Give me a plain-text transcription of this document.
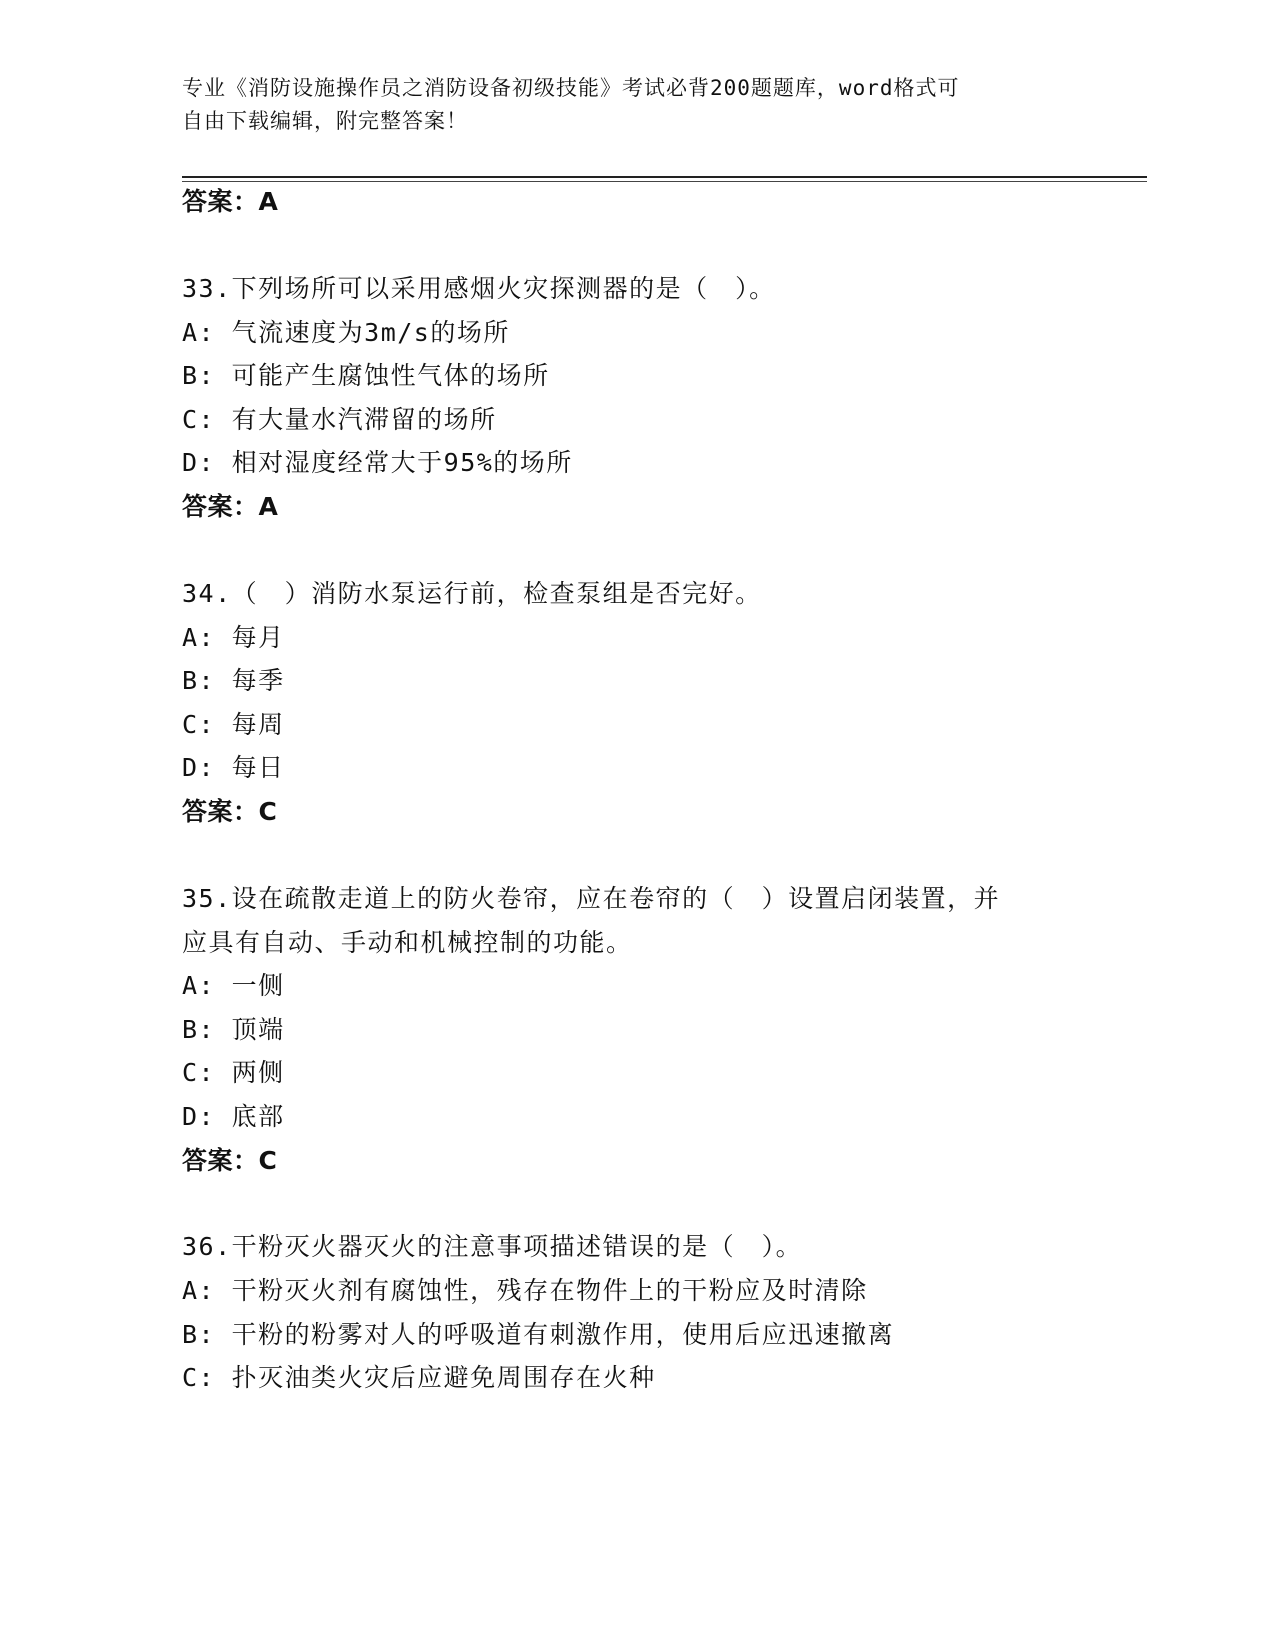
专业《消防设施操作员之消防设备初级技能》考试必背200题题库，word格式可
自由下载编辑，附完整答案！
答案：A
33.下列场所可以采用感烟火灾探测器的是（　）。
A: 气流速度为3m/s的场所
B: 可能产生腐蚀性气体的场所
C: 有大量水汽滞留的场所
D: 相对湿度经常大于95%的场所
答案：A
34.（　）消防水泵运行前，检查泵组是否完好。
A: 每月
B: 每季
C: 每周
D: 每日
答案：C
35.设在疏散走道上的防火卷帘，应在卷帘的（　）设置启闭装置，并
应具有自动、手动和机械控制的功能。
A: 一侧
B: 顶端
C: 两侧
D: 底部
答案：C
36.干粉灭火器灭火的注意事项描述错误的是（　）。
A: 干粉灭火剂有腐蚀性，残存在物件上的干粉应及时清除
B: 干粉的粉雾对人的呼吸道有刺激作用，使用后应迅速撤离
C: 扑灭油类火灾后应避免周围存在火种
